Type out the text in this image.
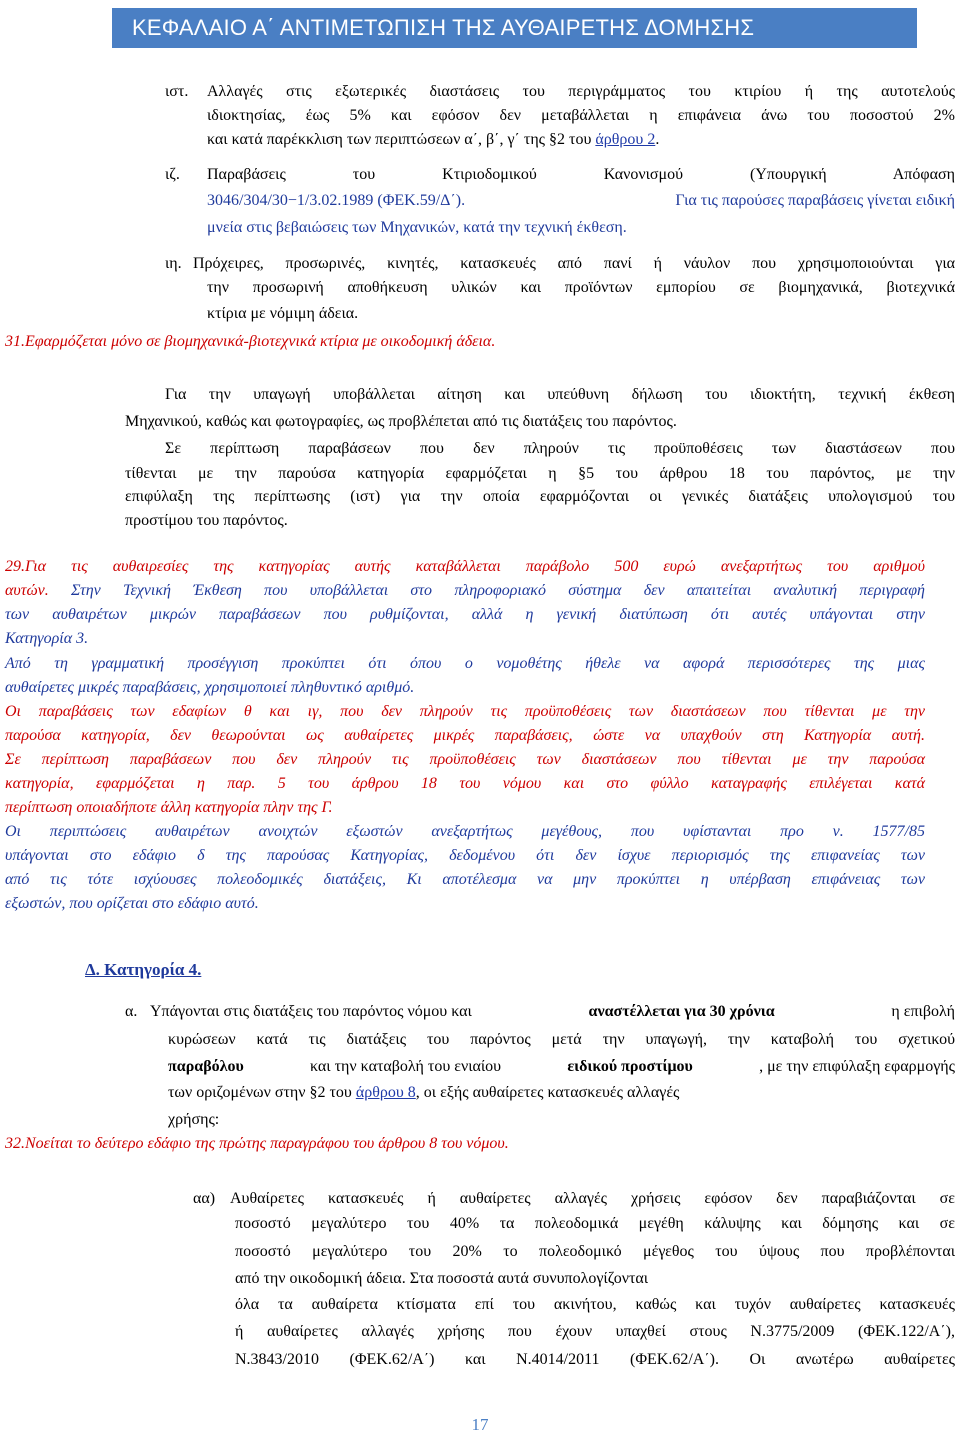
ΚΕΦΑΛΑΙΟ Α΄ ΑΝΤΙΜΕΤΩΠΙΣΗ ΤΗΣ ΑΥΘΑΙΡΕΤΗΣ ΔΟΜΗΣΗΣ
ιστ. Αλλαγές στις εξωτερικές διαστάσεις του περιγράμματος του κτιρίου ή της αυτοτελούς
ιδιοκτησίας, έως 5% και εφόσον δεν μεταβάλλεται η επιφάνεια άνω του ποσοστού 2%
και κατά παρέκκλιση των περιπτώσεων α΄, β΄, γ΄ της §2 του άρθρου 2.
ιζ. Παραβάσεις του Κτιριοδομικού Κανονισμού (Υπουργική Απόφαση
3046/304/30−1/3.02.1989 (ΦΕΚ.59/Δ΄).	Για τις παρούσες παραβάσεις γίνεται ειδική
μνεία στις βεβαιώσεις των Μηχανικών, κατά την τεχνική έκθεση.
ιη. Πρόχειρες, προσωρινές, κινητές, κατασκευές από πανί ή νάυλον που χρησιμοποιούνται για
την προσωρινή αποθήκευση υλικών και προϊόντων εμπορίου σε βιομηχανικά, βιοτεχνικά
κτίρια με νόμιμη άδεια.
31.Εφαρμόζεται μόνο σε βιομηχανικά-βιοτεχνικά κτίρια με οικοδομική άδεια.
Για την υπαγωγή υποβάλλεται αίτηση και υπεύθυνη δήλωση του ιδιοκτήτη, τεχνική έκθεση
Μηχανικού, καθώς και φωτογραφίες, ως προβλέπεται από τις διατάξεις του παρόντος.
Σε περίπτωση παραβάσεων που δεν πληρούν τις προϋποθέσεις των διαστάσεων που
τίθενται με την παρούσα κατηγορία εφαρμόζεται η §5 του άρθρου 18 του παρόντος, με την
επιφύλαξη της περίπτωσης (ιστ) για την οποία εφαρμόζονται οι γενικές διατάξεις υπολογισμού του
προστίμου του παρόντος.
29.Για τις αυθαιρεσίες της κατηγορίας αυτής καταβάλλεται παράβολο 500 ευρώ ανεξαρτήτως του αριθμού
αυτών. Στην Τεχνική Έκθεση που υποβάλλεται στο πληροφοριακό σύστημα δεν απαιτείται αναλυτική περιγραφή
των αυθαιρέτων μικρών παραβάσεων που ρυθμίζονται, αλλά η γενική διατύπωση ότι αυτές υπάγονται στην
Κατηγορία 3.
Από τη γραμματική προσέγγιση προκύπτει ότι όπου ο νομοθέτης ήθελε να αφορά περισσότερες της μιας
αυθαίρετες μικρές παραβάσεις, χρησιμοποιεί πληθυντικό αριθμό.
Οι παραβάσεις των εδαφίων θ και ιγ, που δεν πληρούν τις προϋποθέσεις των διαστάσεων που τίθενται με την
παρούσα κατηγορία, δεν θεωρούνται ως αυθαίρετες μικρές παραβάσεις, ώστε να υπαχθούν στη Κατηγορία αυτή.
Σε περίπτωση παραβάσεων που δεν πληρούν τις προϋποθέσεις των διαστάσεων που τίθενται με την παρούσα
κατηγορία, εφαρμόζεται η παρ. 5 του άρθρου 18 του νόμου και στο φύλλο καταγραφής επιλέγεται κατά
περίπτωση οποιαδήποτε άλλη κατηγορία πλην της Γ.
Οι περιπτώσεις αυθαιρέτων ανοιχτών εξωστών ανεξαρτήτως μεγέθους, που υφίστανται προ ν. 1577/85
υπάγονται στο εδάφιο δ της παρούσας Κατηγορίας, δεδομένου ότι δεν ίσχυε περιορισμός της επιφανείας των
από τις τότε ισχύουσες πολεοδομικές διατάξεις, Κι αποτέλεσμα να μην προκύπτει η υπέρβαση επιφάνειας των
εξωστών, που ορίζεται στο εδάφιο αυτό.
Δ. Κατηγορία 4.
α. Υπάγονται στις διατάξεις του παρόντος νόμου και	αναστέλλεται για 30 χρόνια	η επιβολή
κυρώσεων κατά τις διατάξεις του παρόντος μετά την υπαγωγή, την καταβολή του σχετικού
παραβόλου	και την καταβολή του ενιαίου	ειδικού προστίμου	, με την επιφύλαξη εφαρμογής
των οριζομένων στην §2 του άρθρου 8, οι εξής αυθαίρετες κατασκευές αλλαγές
χρήσης:
32.Νοείται το δεύτερο εδάφιο της πρώτης παραγράφου του άρθρου 8 του νόμου.
αα) Αυθαίρετες κατασκευές ή αυθαίρετες αλλαγές χρήσεις εφόσον δεν παραβιάζονται σε
ποσοστό μεγαλύτερο του 40% τα πολεοδομικά μεγέθη κάλυψης και δόμησης και σε
ποσοστό μεγαλύτερο του 20% το πολεοδομικό μέγεθος του ύψους που προβλέπονται
από την οικοδομική άδεια. Στα ποσοστά αυτά συνυπολογίζονται
όλα τα αυθαίρετα κτίσματα επί του ακινήτου, καθώς και τυχόν αυθαίρετες κατασκευές
ή αυθαίρετες αλλαγές χρήσης που έχουν υπαχθεί στους Ν.3775/2009 (ΦΕΚ.122/Α΄),
Ν.3843/2010 (ΦΕΚ.62/Α΄) και Ν.4014/2011 (ΦΕΚ.62/Α΄). Οι ανωτέρω αυθαίρετες
17
